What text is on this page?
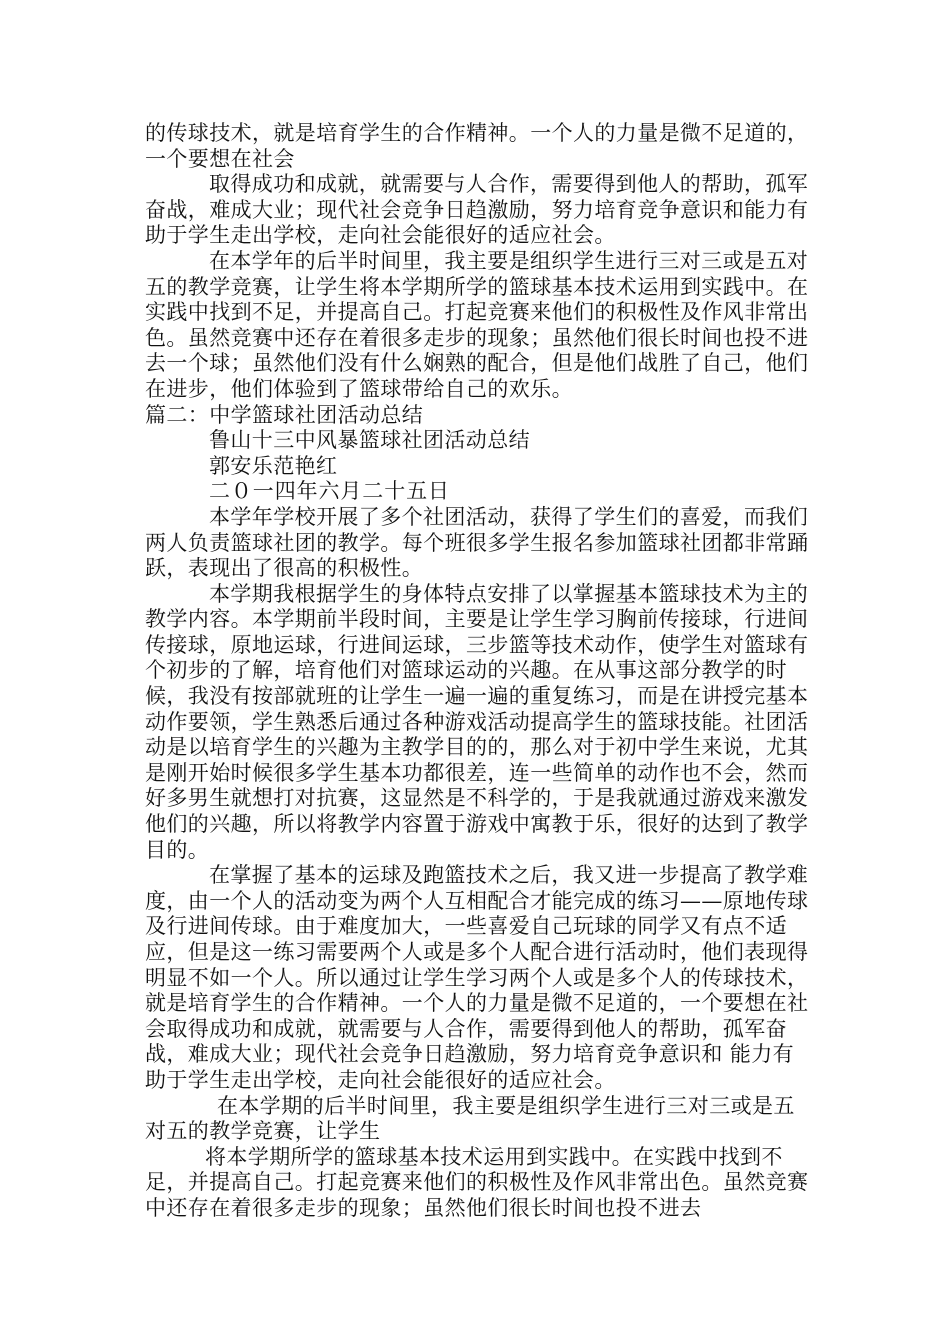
的传球技术，就是培育学生的合作精神。一个人的力量是微不足道的，一个要想在社会

取得成功和成就，就需要与人合作，需要得到他人的帮助，孤军奋战，难成大业；现代社会竞争日趋激励，努力培育竞争意识和能力有助于学生走出学校，走向社会能很好的适应社会。

在本学年的后半时间里，我主要是组织学生进行三对三或是五对五的教学竞赛，让学生将本学期所学的篮球基本技术运用到实践中。在实践中找到不足，并提高自己。打起竞赛来他们的积极性及作风非常出色。虽然竞赛中还存在着很多走步的现象；虽然他们很长时间也投不进去一个球；虽然他们没有什么娴熟的配合，但是他们战胜了自己，他们在进步，他们体验到了篮球带给自己的欢乐。

篇二：中学篮球社团活动总结

鲁山十三中风暴篮球社团活动总结

郭安乐范艳红

二０一四年六月二十五日

本学年学校开展了多个社团活动，获得了学生们的喜爱，而我们两人负责篮球社团的教学。每个班很多学生报名参加篮球社团都非常踊跃，表现出了很高的积极性。

本学期我根据学生的身体特点安排了以掌握基本篮球技术为主的教学内容。本学期前半段时间，主要是让学生学习胸前传接球，行进间传接球，原地运球，行进间运球，三步篮等技术动作，使学生对篮球有个初步的了解，培育他们对篮球运动的兴趣。在从事这部分教学的时候，我没有按部就班的让学生一遍一遍的重复练习，而是在讲授完基本动作要领，学生熟悉后通过各种游戏活动提高学生的篮球技能。社团活动是以培育学生的兴趣为主教学目的的，那么对于初中学生来说，尤其是刚开始时候很多学生基本功都很差，连一些简单的动作也不会，然而好多男生就想打对抗赛，这显然是不科学的，于是我就通过游戏来激发他们的兴趣，所以将教学内容置于游戏中寓教于乐，很好的达到了教学目的。

在掌握了基本的运球及跑篮技术之后，我又进一步提高了教学难度，由一个人的活动变为两个人互相配合才能完成的练习——原地传球及行进间传球。由于难度加大，一些喜爱自己玩球的同学又有点不适应，但是这一练习需要两个人或是多个人配合进行活动时，他们表现得明显不如一个人。所以通过让学生学习两个人或是多个人的传球技术，就是培育学生的合作精神。一个人的力量是微不足道的，一个要想在社会取得成功和成就，就需要与人合作，需要得到他人的帮助，孤军奋战，难成大业；现代社会竞争日趋激励，努力培育竞争意识和 能力有助于学生走出学校，走向社会能很好的适应社会。

在本学期的后半时间里，我主要是组织学生进行三对三或是五对五的教学竞赛，让学生

将本学期所学的篮球基本技术运用到实践中。在实践中找到不足，并提高自己。打起竞赛来他们的积极性及作风非常出色。虽然竞赛中还存在着很多走步的现象；虽然他们很长时间也投不进去
